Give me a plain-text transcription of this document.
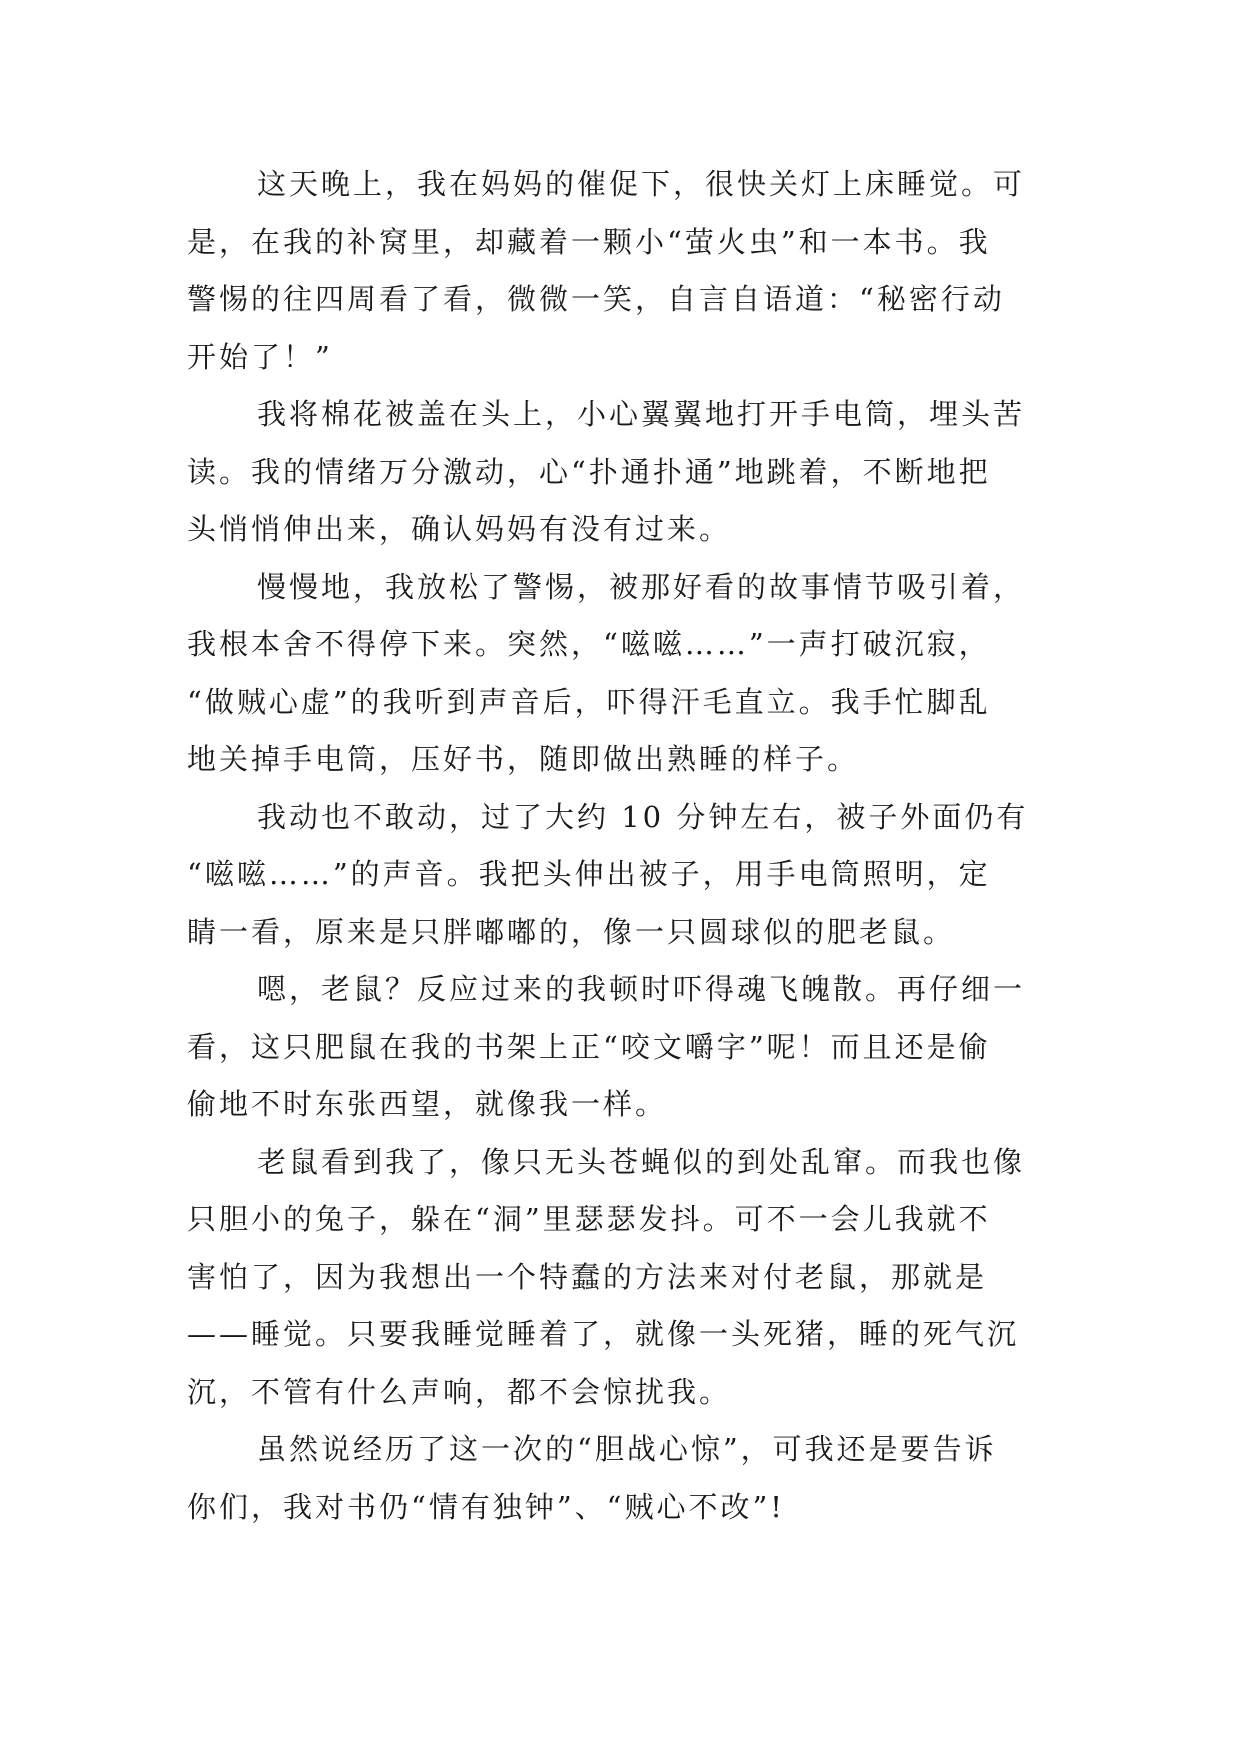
这天晚上，我在妈妈的催促下，很快关灯上床睡觉。可
是，在我的补窝里，却藏着一颗小“萤火虫”和一本书。我
警惕的往四周看了看，微微一笑，自言自语道：“秘密行动
开始了！”
我将棉花被盖在头上，小心翼翼地打开手电筒，埋头苦
读。我的情绪万分激动，心“扑通扑通”地跳着，不断地把
头悄悄伸出来，确认妈妈有没有过来。
慢慢地，我放松了警惕，被那好看的故事情节吸引着，
我根本舍不得停下来。突然，“嗞嗞……”一声打破沉寂，
“做贼心虚”的我听到声音后，吓得汗毛直立。我手忙脚乱
地关掉手电筒，压好书，随即做出熟睡的样子。
我动也不敢动，过了大约 10 分钟左右，被子外面仍有
“嗞嗞……”的声音。我把头伸出被子，用手电筒照明，定
睛一看，原来是只胖嘟嘟的，像一只圆球似的肥老鼠。
嗯，老鼠？反应过来的我顿时吓得魂飞魄散。再仔细一
看，这只肥鼠在我的书架上正“咬文嚼字”呢！而且还是偷
偷地不时东张西望，就像我一样。
老鼠看到我了，像只无头苍蝇似的到处乱窜。而我也像
只胆小的兔子，躲在“洞”里瑟瑟发抖。可不一会儿我就不
害怕了，因为我想出一个特蠢的方法来对付老鼠，那就是
——睡觉。只要我睡觉睡着了，就像一头死猪，睡的死气沉
沉，不管有什么声响，都不会惊扰我。
虽然说经历了这一次的“胆战心惊”，可我还是要告诉
你们，我对书仍“情有独钟”、“贼心不改”!
